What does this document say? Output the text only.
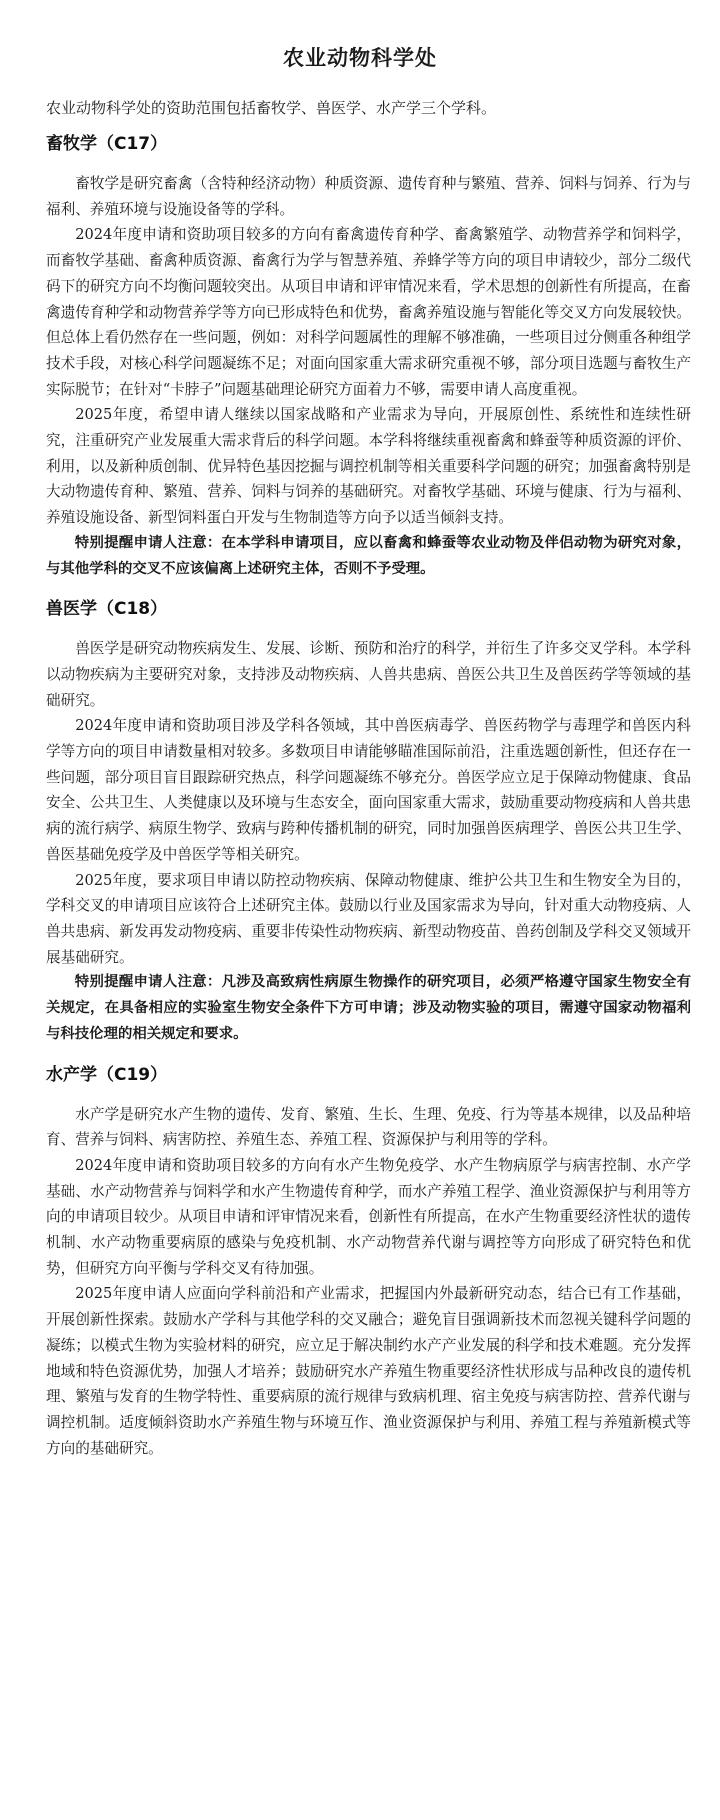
农业动物科学处
农业动物科学处的资助范围包括畜牧学、兽医学、水产学三个学科。
畜牧学（C17）

畜牧学是研究畜禽（含特种经济动物）种质资源、遗传育种与繁殖、营养、饲料与饲养、行为与福利、养殖环境与设施设备等的学科。

2024年度申请和资助项目较多的方向有畜禽遗传育种学、畜禽繁殖学、动物营养学和饲料学，而畜牧学基础、畜禽种质资源、畜禽行为学与智慧养殖、养蜂学等方向的项目申请较少，部分二级代码下的研究方向不均衡问题较突出。从项目申请和评审情况来看，学术思想的创新性有所提高，在畜禽遗传育种学和动物营养学等方向已形成特色和优势，畜禽养殖设施与智能化等交叉方向发展较快。但总体上看仍然存在一些问题，例如：对科学问题属性的理解不够准确，一些项目过分侧重各种组学技术手段，对核心科学问题凝练不足；对面向国家重大需求研究重视不够，部分项目选题与畜牧生产实际脱节；在针对“卡脖子”问题基础理论研究方面着力不够，需要申请人高度重视。

2025年度，希望申请人继续以国家战略和产业需求为导向，开展原创性、系统性和连续性研究，注重研究产业发展重大需求背后的科学问题。本学科将继续重视畜禽和蜂蚕等种质资源的评价、利用，以及新种质创制、优异特色基因挖掘与调控机制等相关重要科学问题的研究；加强畜禽特别是大动物遗传育种、繁殖、营养、饲料与饲养的基础研究。对畜牧学基础、环境与健康、行为与福利、养殖设施设备、新型饲料蛋白开发与生物制造等方向予以适当倾斜支持。

特别提醒申请人注意：在本学科申请项目，应以畜禽和蜂蚕等农业动物及伴侣动物为研究对象，与其他学科的交叉不应该偏离上述研究主体，否则不予受理。

兽医学（C18）

兽医学是研究动物疾病发生、发展、诊断、预防和治疗的科学，并衍生了许多交叉学科。本学科以动物疾病为主要研究对象，支持涉及动物疾病、人兽共患病、兽医公共卫生及兽医药学等领域的基础研究。

2024年度申请和资助项目涉及学科各领域，其中兽医病毒学、兽医药物学与毒理学和兽医内科学等方向的项目申请数量相对较多。多数项目申请能够瞄准国际前沿，注重选题创新性，但还存在一些问题，部分项目盲目跟踪研究热点，科学问题凝练不够充分。兽医学应立足于保障动物健康、食品安全、公共卫生、人类健康以及环境与生态安全，面向国家重大需求，鼓励重要动物疫病和人兽共患病的流行病学、病原生物学、致病与跨种传播机制的研究，同时加强兽医病理学、兽医公共卫生学、兽医基础免疫学及中兽医学等相关研究。

2025年度，要求项目申请以防控动物疾病、保障动物健康、维护公共卫生和生物安全为目的，学科交叉的申请项目应该符合上述研究主体。鼓励以行业及国家需求为导向，针对重大动物疫病、人兽共患病、新发再发动物疫病、重要非传染性动物疾病、新型动物疫苗、兽药创制及学科交叉领域开展基础研究。

特别提醒申请人注意：凡涉及高致病性病原生物操作的研究项目，必须严格遵守国家生物安全有关规定，在具备相应的实验室生物安全条件下方可申请；涉及动物实验的项目，需遵守国家动物福利与科技伦理的相关规定和要求。

水产学（C19）

水产学是研究水产生物的遗传、发育、繁殖、生长、生理、免疫、行为等基本规律，以及品种培育、营养与饲料、病害防控、养殖生态、养殖工程、资源保护与利用等的学科。

2024年度申请和资助项目较多的方向有水产生物免疫学、水产生物病原学与病害控制、水产学基础、水产动物营养与饲料学和水产生物遗传育种学，而水产养殖工程学、渔业资源保护与利用等方向的申请项目较少。从项目申请和评审情况来看，创新性有所提高，在水产生物重要经济性状的遗传机制、水产动物重要病原的感染与免疫机制、水产动物营养代谢与调控等方向形成了研究特色和优势，但研究方向平衡与学科交叉有待加强。

2025年度申请人应面向学科前沿和产业需求，把握国内外最新研究动态，结合已有工作基础，开展创新性探索。鼓励水产学科与其他学科的交叉融合；避免盲目强调新技术而忽视关键科学问题的凝练；以模式生物为实验材料的研究，应立足于解决制约水产产业发展的科学和技术难题。充分发挥地域和特色资源优势，加强人才培养；鼓励研究水产养殖生物重要经济性状形成与品种改良的遗传机理、繁殖与发育的生物学特性、重要病原的流行规律与致病机理、宿主免疫与病害防控、营养代谢与调控机制。适度倾斜资助水产养殖生物与环境互作、渔业资源保护与利用、养殖工程与养殖新模式等方向的基础研究。
